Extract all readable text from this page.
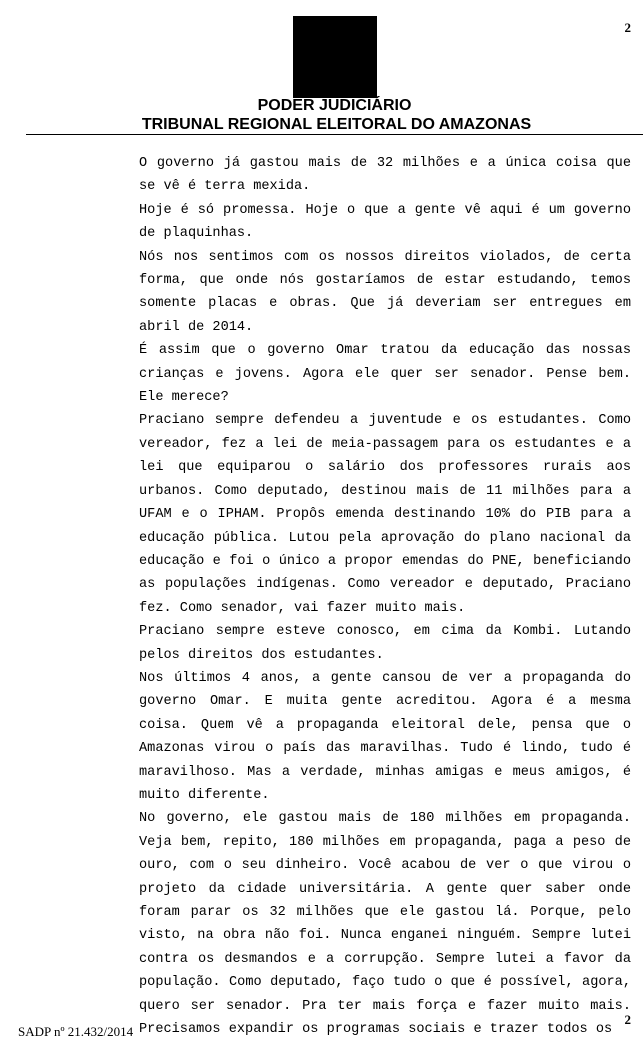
2
PODER JUDICIÁRIO
TRIBUNAL REGIONAL ELEITORAL DO AMAZONAS

O governo já gastou mais de 32 milhões e a única coisa que se vê é terra mexida.

Hoje é só promessa. Hoje o que a gente vê aqui é um governo de plaquinhas.

Nós nos sentimos com os nossos direitos violados, de certa forma, que onde nós gostaríamos de estar estudando, temos somente placas e obras. Que já deveriam ser entregues em abril de 2014.

É assim que o governo Omar tratou da educação das nossas crianças e jovens. Agora ele quer ser senador. Pense bem. Ele merece?

Praciano sempre defendeu a juventude e os estudantes. Como vereador, fez a lei de meia-passagem para os estudantes e a lei que equiparou o salário dos professores rurais aos urbanos. Como deputado, destinou mais de 11 milhões para a UFAM e o IPHAM. Propôs emenda destinando 10% do PIB para a educação pública. Lutou pela aprovação do plano nacional da educação e foi o único a propor emendas do PNE, beneficiando as populações indígenas. Como vereador e deputado, Praciano fez. Como senador, vai fazer muito mais.

Praciano sempre esteve conosco, em cima da Kombi. Lutando pelos direitos dos estudantes.

Nos últimos 4 anos, a gente cansou de ver a propaganda do governo Omar. E muita gente acreditou. Agora é a mesma coisa. Quem vê a propaganda eleitoral dele, pensa que o Amazonas virou o país das maravilhas. Tudo é lindo, tudo é maravilhoso. Mas a verdade, minhas amigas e meus amigos, é muito diferente.

No governo, ele gastou mais de 180 milhões em propaganda. Veja bem, repito, 180 milhões em propaganda, paga a peso de ouro, com o seu dinheiro. Você acabou de ver o que virou o projeto da cidade universitária. A gente quer saber onde foram parar os 32 milhões que ele gastou lá. Porque, pelo visto, na obra não foi. Nunca enganei ninguém. Sempre lutei contra os desmandos e a corrupção. Sempre lutei a favor da população. Como deputado, faço tudo o que é possível, agora, quero ser senador. Pra ter mais força e fazer muito mais. Precisamos expandir os programas sociais e trazer todos os

SADP nº 21.432/2014
2
